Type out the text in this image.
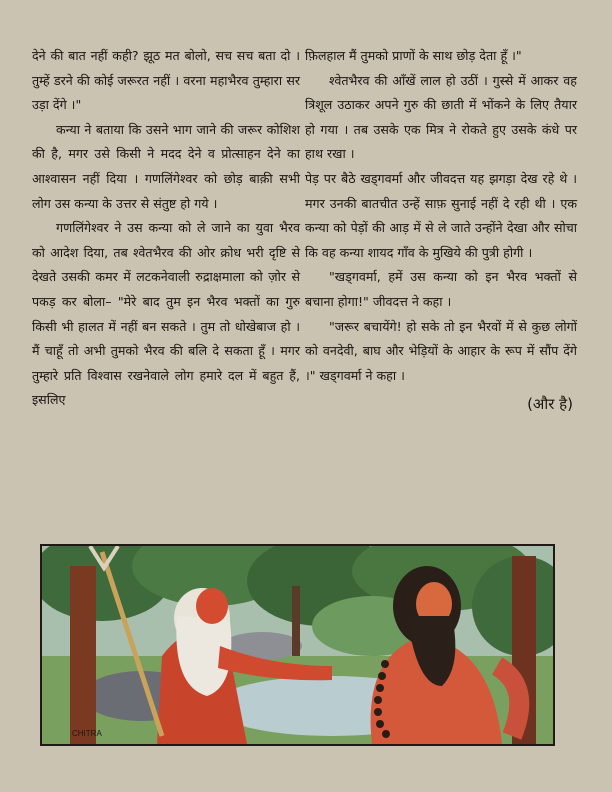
देने की बात नहीं कही? झूठ मत बोलो, सच सच बता दो । तुम्हें डरने की कोई जरूरत नहीं । वरना महाभैरव तुम्हारा सर उड़ा देंगे ।"

कन्या ने बताया कि उसने भाग जाने की जरूर कोशिश की है, मगर उसे किसी ने मदद देने व प्रोत्साहन देने का आश्वासन नहीं दिया । गणलिंगेश्वर को छोड़ बाक़ी सभी लोग उस कन्या के उत्तर से संतुष्ट हो गये ।

गणलिंगेश्वर ने उस कन्या को ले जाने का युवा भैरव को आदेश दिया, तब श्वेतभैरव की ओर क्रोध भरी दृष्टि से देखते उसकी कमर में लटकनेवाली रुद्राक्षमाला को ज़ोर से पकड़ कर बोला– "मेरे बाद तुम इन भैरव भक्तों का गुरु किसी भी हालत में नहीं बन सकते । तुम तो धोखेबाज हो । मैं चाहूँ तो अभी तुमको भैरव की बलि दे सकता हूँ । मगर तुम्हारे प्रति विश्वास रखनेवाले लोग हमारे दल में बहुत हैं, इसलिए

फ़िलहाल मैं तुमको प्राणों के साथ छोड़ देता हूँ ।"

श्वेतभैरव की आँखें लाल हो उठीं । गुस्से में आकर वह त्रिशूल उठाकर अपने गुरु की छाती में भोंकने के लिए तैयार हो गया । तब उसके एक मित्र ने रोकते हुए उसके कंधे पर हाथ रखा ।

पेड़ पर बैठे खड्गवर्मा और जीवदत्त यह झगड़ा देख रहे थे । मगर उनकी बातचीत उन्हें साफ़ सुनाई नहीं दे रही थी । एक कन्या को पेड़ों की आड़ में से ले जाते उन्होंने देखा और सोचा कि वह कन्या शायद गाँव के मुखिये की पुत्री होगी ।

"खड्गवर्मा, हमें उस कन्या को इन भैरव भक्तों से बचाना होगा!" जीवदत्त ने कहा ।

"जरूर बचायेंगे! हो सके तो इन भैरवों में से कुछ लोगों को वनदेवी, बाघ और भेड़ियों के आहार के रूप में सौंप देंगे ।" खड्गवर्मा ने कहा ।

(और है)
CHITRA
